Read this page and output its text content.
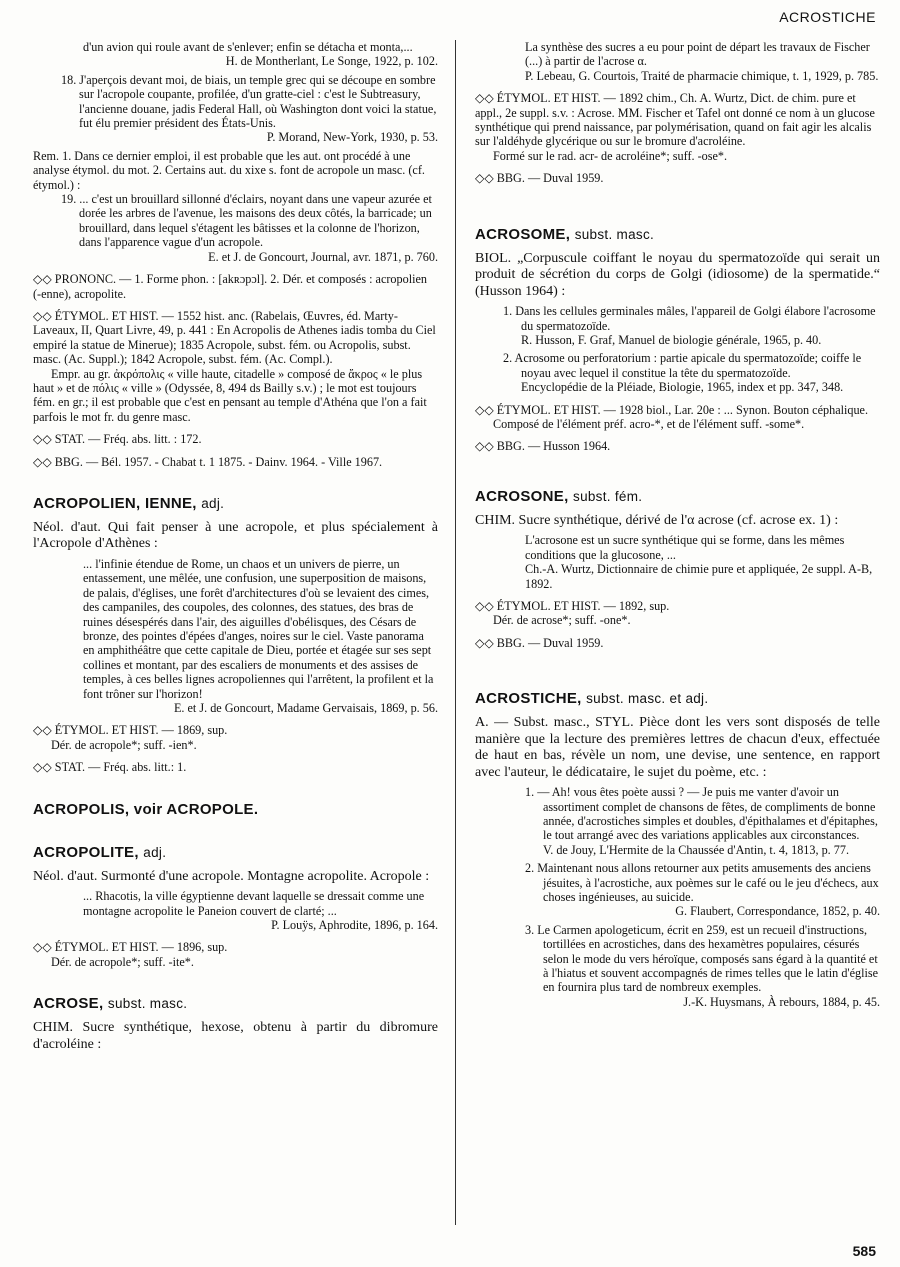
ACROSTICHE
d'un avion qui roule avant de s'enlever; enfin se détacha et monta,...
H. de Montherlant, Le Songe, 1922, p. 102.
18. J'aperçois devant moi, de biais, un temple grec qui se découpe en sombre sur l'acropole coupante, profilée, d'un gratte-ciel : c'est le Subtreasury, l'ancienne douane, jadis Federal Hall, où Washington dont voici la statue, fut élu premier président des États-Unis.
P. Morand, New-York, 1930, p. 53.
Rem. 1. Dans ce dernier emploi, il est probable que les aut. ont procédé à une analyse étymol. du mot. 2. Certains aut. du xixe s. font de acropole un masc. (cf. étymol.) :
19. ... c'est un brouillard sillonné d'éclairs, noyant dans une vapeur azurée et dorée les arbres de l'avenue, les maisons des deux côtés, la barricade; un brouillard, dans lequel s'étagent les bâtisses et la colonne de l'horizon, dans l'apparence vague d'un acropole.
E. et J. de Goncourt, Journal, avr. 1871, p. 760.
◇◇ PRONONC. — 1. Forme phon. : [akʀɔpɔl]. 2. Dér. et composés : acropolien (-enne), acropolite.
◇◇ ÉTYMOL. ET HIST. — 1552 hist. anc. (Rabelais, Œuvres, éd. Marty-Laveaux, II, Quart Livre, 49, p. 441 : En Acropolis de Athenes iadis tomba du Ciel empiré la statue de Minerue); 1835 Acropole, subst. fém. ou Acropolis, subst. masc. (Ac. Suppl.); 1842 Acropole, subst. fém. (Ac. Compl.).
Empr. au gr. ἀκρόπολις « ville haute, citadelle » composé de ἄκρος « le plus haut » et de πόλις « ville » (Odyssée, 8, 494 ds Bailly s.v.) ; le mot est toujours fém. en gr.; il est probable que c'est en pensant au temple d'Athéna que l'on a fait parfois le mot fr. du genre masc.
◇◇ STAT. — Fréq. abs. litt. : 172.
◇◇ BBG. — Bél. 1957. - Chabat t. 1 1875. - Dainv. 1964. - Ville 1967.
ACROPOLIEN, IENNE, adj.
Néol. d'aut. Qui fait penser à une acropole, et plus spécialement à l'Acropole d'Athènes :
... l'infinie étendue de Rome, un chaos et un univers de pierre, un entassement, une mêlée, une confusion, une superposition de maisons, de palais, d'églises, une forêt d'architectures d'où se levaient des cimes, des campaniles, des coupoles, des colonnes, des statues, des bras de ruines désespérés dans l'air, des aiguilles d'obélisques, des Césars de bronze, des pointes d'épées d'anges, noires sur le ciel. Vaste panorama en amphithéâtre que cette capitale de Dieu, portée et étagée sur ses sept collines et montant, par des escaliers de monuments et des assises de temples, à ces belles lignes acropoliennes qui l'arrêtent, la profilent et la font trôner sur l'horizon!
E. et J. de Goncourt, Madame Gervaisais, 1869, p. 56.
◇◇ ÉTYMOL. ET HIST. — 1869, sup.
Dér. de acropole*; suff. -ien*.
◇◇ STAT. — Fréq. abs. litt.: 1.
ACROPOLIS, voir ACROPOLE.
ACROPOLITE, adj.
Néol. d'aut. Surmonté d'une acropole. Montagne acropolite. Acropole :
... Rhacotis, la ville égyptienne devant laquelle se dressait comme une montagne acropolite le Paneion couvert de clarté; ...
P. Louÿs, Aphrodite, 1896, p. 164.
◇◇ ÉTYMOL. ET HIST. — 1896, sup.
Dér. de acropole*; suff. -ite*.
ACROSE, subst. masc.
CHIM. Sucre synthétique, hexose, obtenu à partir du dibromure d'acroléine :
La synthèse des sucres a eu pour point de départ les travaux de Fischer (...) à partir de l'acrose α.
P. Lebeau, G. Courtois, Traité de pharmacie chimique, t. 1, 1929, p. 785.
◇◇ ÉTYMOL. ET HIST. — 1892 chim., Ch. A. Wurtz, Dict. de chim. pure et appl., 2e suppl. s.v. : Acrose. MM. Fischer et Tafel ont donné ce nom à un glucose synthétique qui prend naissance, par polymérisation, quand on fait agir les alcalis sur l'aldéhyde glycérique ou sur le bromure d'acroléine.
Formé sur le rad. acr- de acroléine*; suff. -ose*.
◇◇ BBG. — Duval 1959.
ACROSOME, subst. masc.
BIOL. „Corpuscule coiffant le noyau du spermatozoïde qui serait un produit de sécrétion du corps de Golgi (idiosome) de la spermatide.“ (Husson 1964) :
1. Dans les cellules germinales mâles, l'appareil de Golgi élabore l'acrosome du spermatozoïde.
R. Husson, F. Graf, Manuel de biologie générale, 1965, p. 40.
2. Acrosome ou perforatorium : partie apicale du spermatozoïde; coiffe le noyau avec lequel il constitue la tête du spermatozoïde.
Encyclopédie de la Pléiade, Biologie, 1965, index et pp. 347, 348.
◇◇ ÉTYMOL. ET HIST. — 1928 biol., Lar. 20e : ... Synon. Bouton céphalique.
Composé de l'élément préf. acro-*, et de l'élément suff. -some*.
◇◇ BBG. — Husson 1964.
ACROSONE, subst. fém.
CHIM. Sucre synthétique, dérivé de l'α acrose (cf. acrose ex. 1) :
L'acrosone est un sucre synthétique qui se forme, dans les mêmes conditions que la glucosone, ...
Ch.-A. Wurtz, Dictionnaire de chimie pure et appliquée, 2e suppl. A-B, 1892.
◇◇ ÉTYMOL. ET HIST. — 1892, sup.
Dér. de acrose*; suff. -one*.
◇◇ BBG. — Duval 1959.
ACROSTICHE, subst. masc. et adj.
A. — Subst. masc., STYL. Pièce dont les vers sont disposés de telle manière que la lecture des premières lettres de chacun d'eux, effectuée de haut en bas, révèle un nom, une devise, une sentence, en rapport avec l'auteur, le dédicataire, le sujet du poème, etc. :
1. — Ah! vous êtes poète aussi ? — Je puis me vanter d'avoir un assortiment complet de chansons de fêtes, de compliments de bonne année, d'acrostiches simples et doubles, d'épithalames et d'épitaphes, le tout arrangé avec des variations applicables aux circonstances.
V. de Jouy, L'Hermite de la Chaussée d'Antin, t. 4, 1813, p. 77.
2. Maintenant nous allons retourner aux petits amusements des anciens jésuites, à l'acrostiche, aux poèmes sur le café ou le jeu d'échecs, aux choses ingénieuses, au suicide.
G. Flaubert, Correspondance, 1852, p. 40.
3. Le Carmen apologeticum, écrit en 259, est un recueil d'instructions, tortillées en acrostiches, dans des hexamètres populaires, césurés selon le mode du vers héroïque, composés sans égard à la quantité et à l'hiatus et souvent accompagnés de rimes telles que le latin d'église en fournira plus tard de nombreux exemples.
J.-K. Huysmans, À rebours, 1884, p. 45.
585
